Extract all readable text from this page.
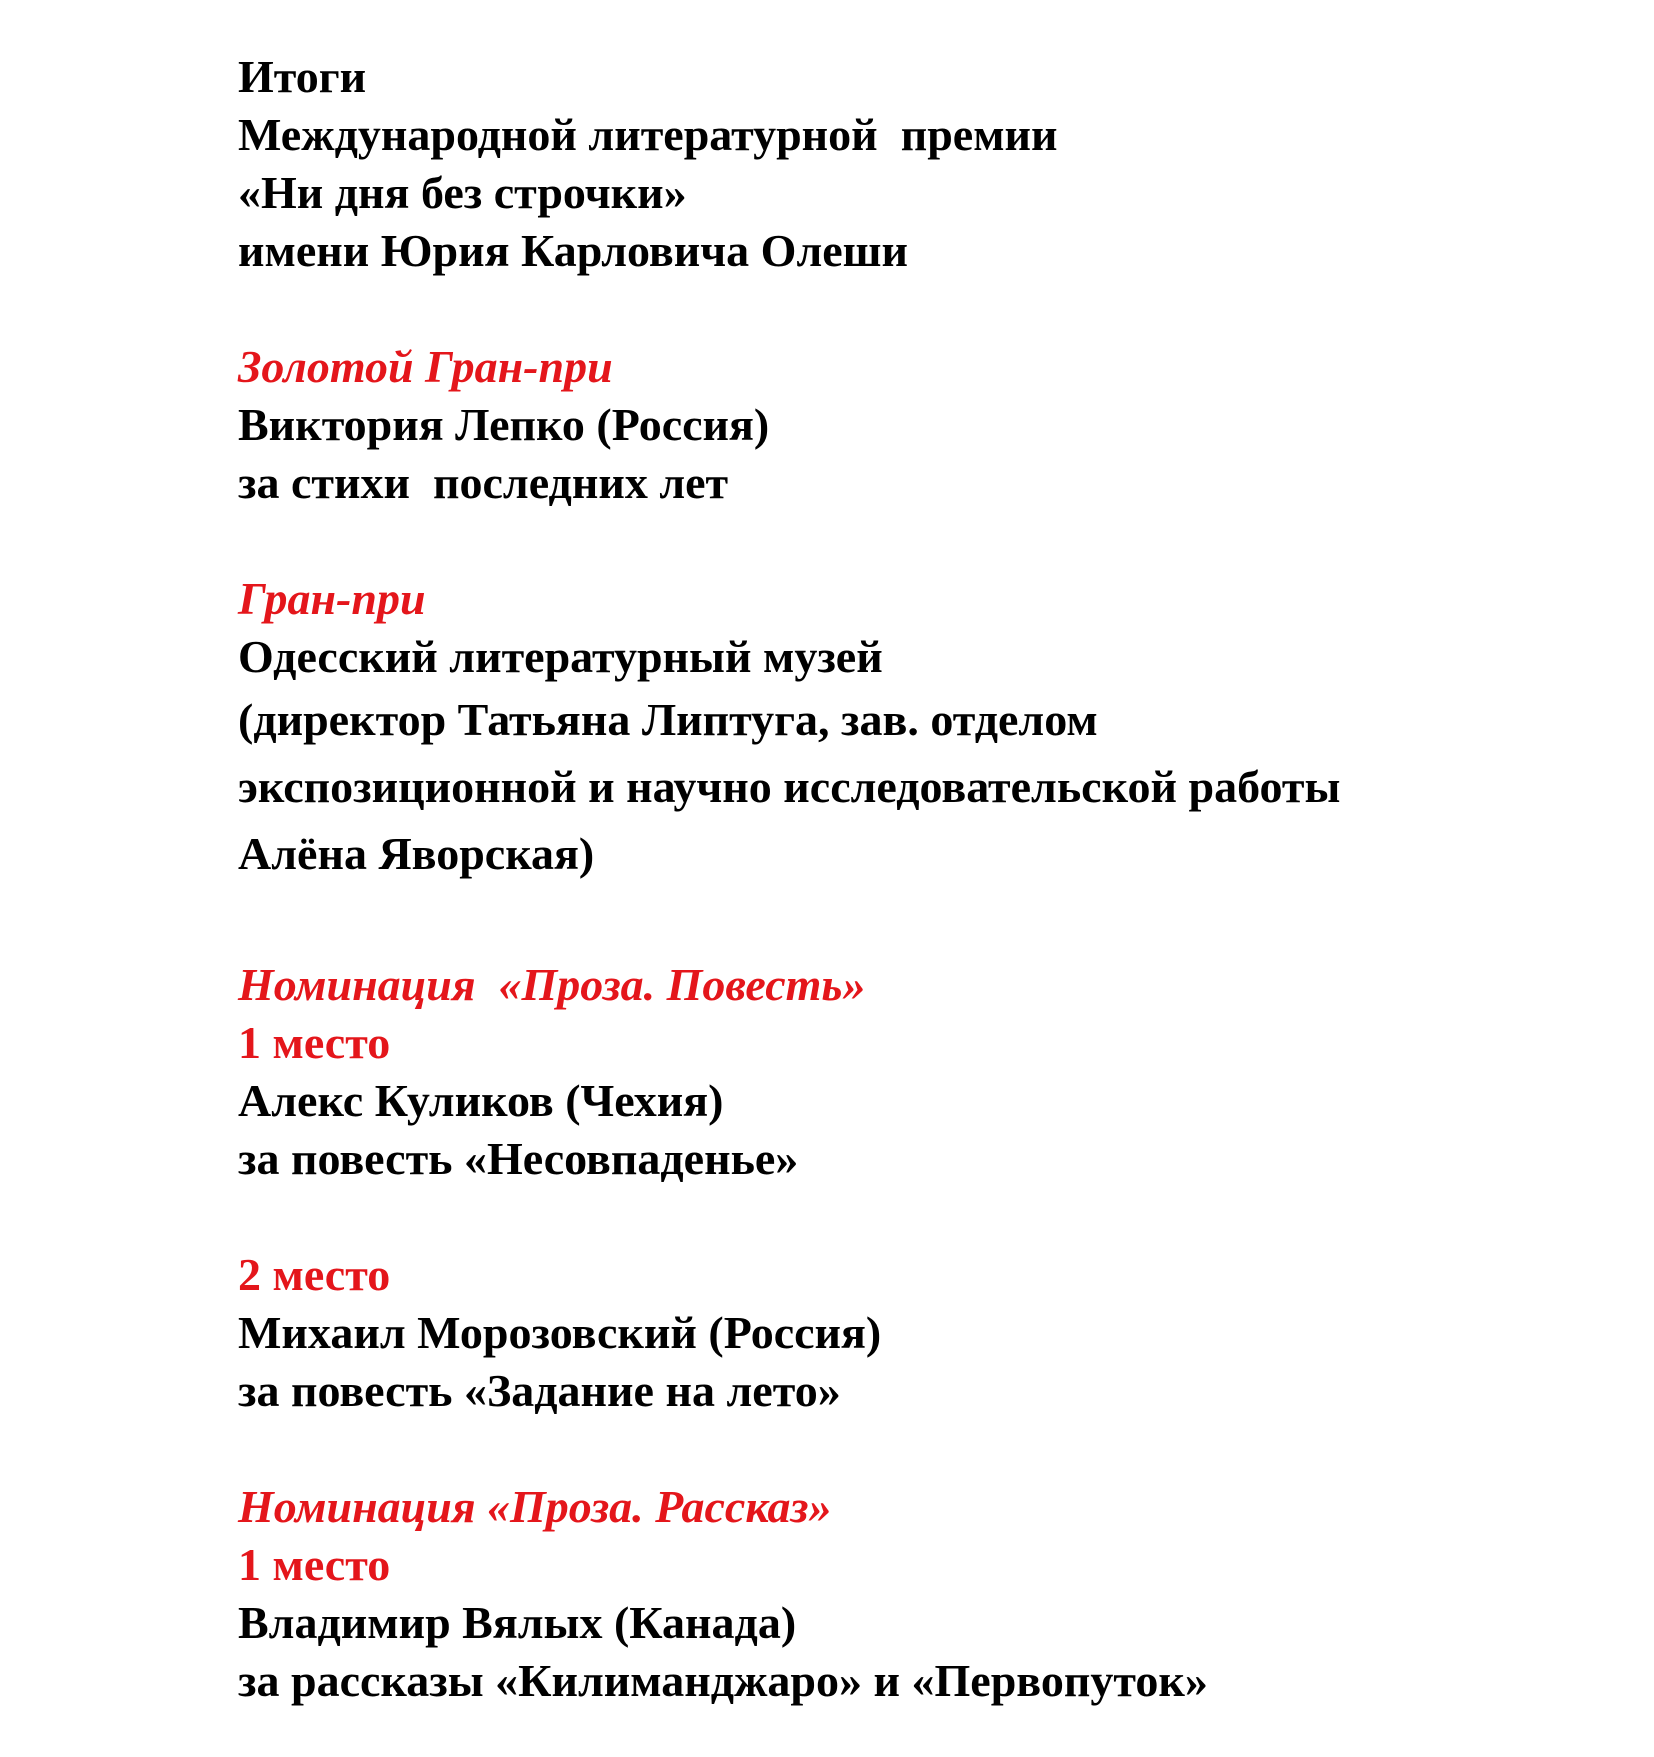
Итоги
Международной литературной  премии
«Ни дня без строчки»
имени Юрия Карловича Олеши
Золотой Гран-при
Виктория Лепко (Россия)
за стихи  последних лет
Гран-при
Одесский литературный музей
(директор Татьяна Липтуга, зав. отделом
экспозиционной и научно исследовательской работы
Алёна Яворская)
Номинация  «Проза. Повесть»
1 место
Алекс Куликов (Чехия)
за повесть «Несовпаденье»
2 место
Михаил Морозовский (Россия)
за повесть «Задание на лето»
Номинация «Проза. Рассказ»
1 место
Владимир Вялых (Канада)
за рассказы «Килиманджаро» и «Первопуток»
